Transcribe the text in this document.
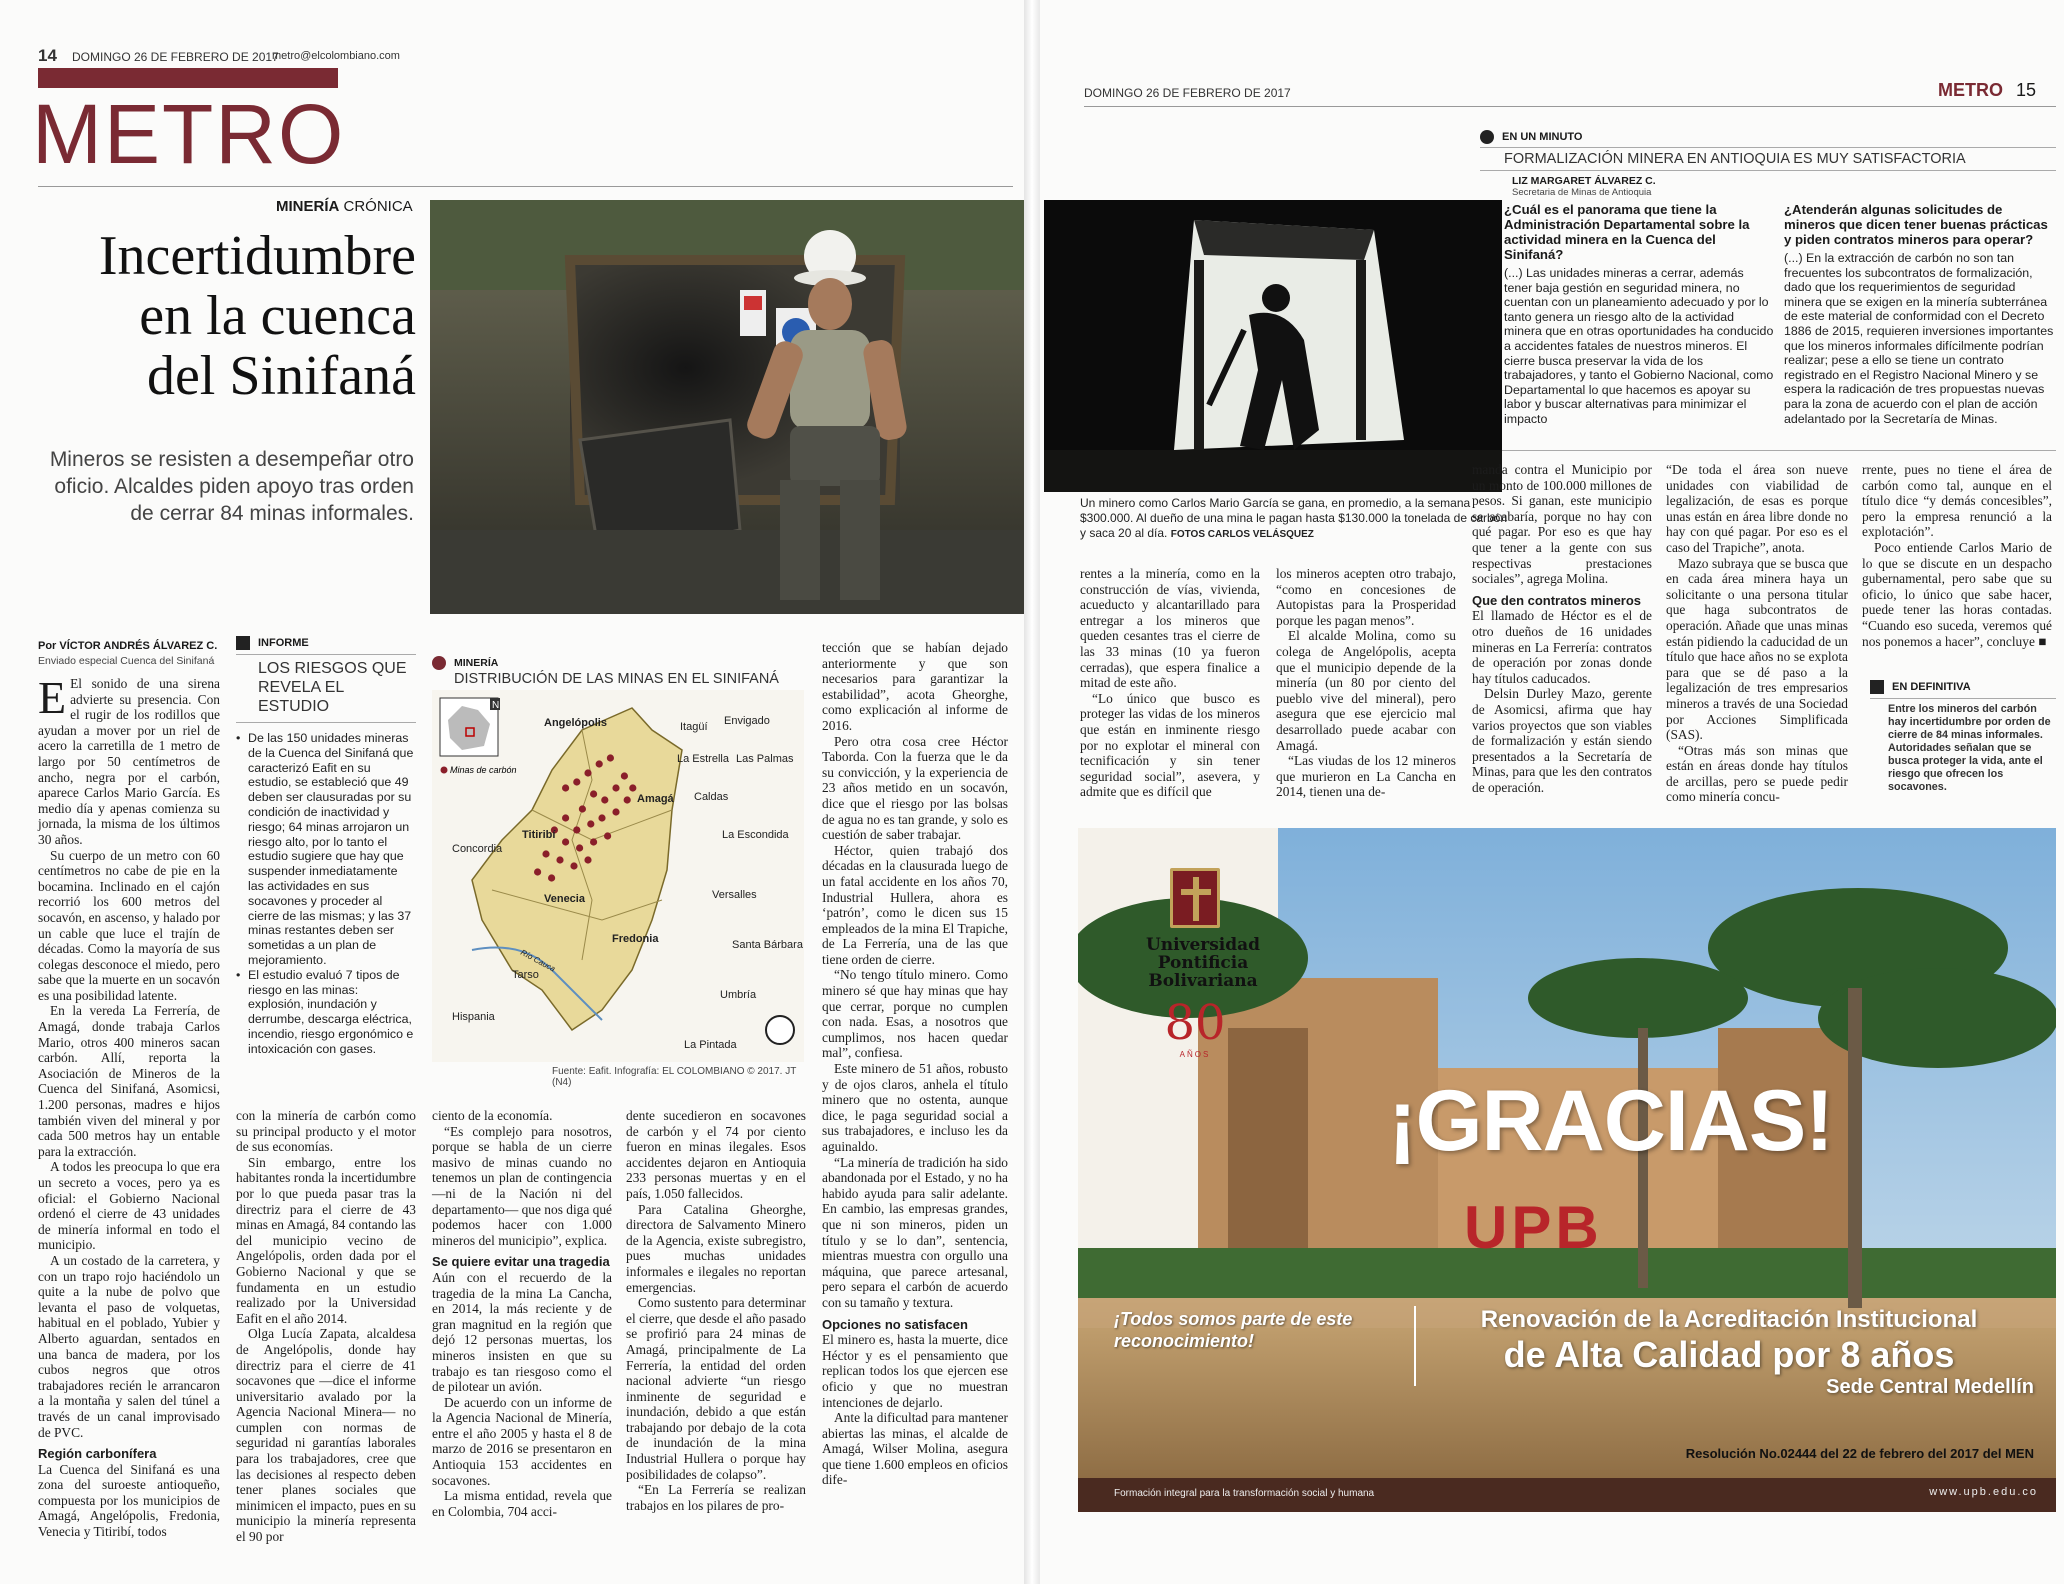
14 DOMINGO 26 DE FEBRERO DE 2017
metro@elcolombiano.com
METRO
MINERÍA CRÓNICA
Incertidumbre
en la cuenca
del Sinifaná
Mineros se resisten a desempeñar otro oficio. Alcaldes piden apoyo tras orden de cerrar 84 minas informales.
Por VÍCTOR ANDRÉS ÁLVAREZ C.
Enviado especial Cuenca del Sinifaná

E El sonido de una sirena advierte su presencia. Con el rugir de los rodillos que ayudan a mover por un riel de acero la carretilla de 1 metro de largo por 50 centímetros de ancho, negra por el carbón, aparece Carlos Mario García. Es medio día y apenas comienza su jornada, la misma de los últimos 30 años.

Su cuerpo de un metro con 60 centímetros no cabe de pie en la bocamina. Inclinado en el cajón recorrió los 600 metros del socavón, en ascenso, y halado por un cable que luce el trajín de décadas. Como la mayoría de sus colegas desconoce el miedo, pero sabe que la muerte en un socavón es una posibilidad latente.

En la vereda La Ferrería, de Amagá, donde trabaja Carlos Mario, otros 400 mineros sacan carbón. Allí, reporta la Asociación de Mineros de la Cuenca del Sinifaná, Asomicsi, 1.200 personas, madres e hijos también viven del mineral y por cada 500 metros hay un entable para la extracción.

A todos les preocupa lo que era un secreto a voces, pero ya es oficial: el Gobierno Nacional ordenó el cierre de 43 unidades de minería informal en todo el municipio.

A un costado de la carretera, y con un trapo rojo haciéndolo un quite a la nube de polvo que levanta el paso de volquetas, habitual en el poblado, Yubier y Alberto aguardan, sentados en una banca de madera, por los cubos negros que otros trabajadores recién le arrancaron a la montaña y salen del túnel a través de un canal improvisado de PVC.

Región carbonífera

La Cuenca del Sinifaná es una zona del suroeste antioqueño, compuesta por los municipios de Amagá, Angelópolis, Fredonia, Venecia y Titiribí, todos

INFORME
LOS RIESGOS QUE REVELA EL ESTUDIO
• De las 150 unidades mineras de la Cuenca del Sinifaná que caracterizó Eafit en su estudio, se estableció que 49 deben ser clausuradas por su condición de inactividad y riesgo; 64 minas arrojaron un riesgo alto, por lo tanto el estudio sugiere que hay que suspender inmediatamente las actividades en sus socavones y proceder al cierre de las mismas; y las 37 minas restantes deben ser sometidas a un plan de mejoramiento.
• El estudio evaluó 7 tipos de riesgo en las minas: explosión, inundación y derrumbe, descarga eléctrica, incendio, riesgo ergonómico e intoxicación con gases.
MINERÍA
DISTRIBUCIÓN DE LAS MINAS EN EL SINIFANÁ
N
Minas de carbón
Angelópolis	Itagüí Envigado
La Estrella Las Palmas
Caldas
Amagá
La Escondida
Titiribí
Concordia
Venecia	Versalles
Río Cauca
Fredonia
Tarso
Santa Bárbara
Hispania
Umbría
La Pintada
Fuente: Eafit. Infografía: EL COLOMBIANO © 2017. JT (N4)

tección que se habían dejado anteriormente y que son necesarios para garantizar la estabilidad”, acota Gheorghe, como explicación al informe de 2016.

Pero otra cosa cree Héctor Taborda. Con la fuerza que le da su convicción, y la experiencia de 23 años metido en un socavón, dice que el riesgo por las bolsas de agua no es tan grande, y solo es cuestión de saber trabajar.

Héctor, quien trabajó dos décadas en la clausurada luego de un fatal accidente en los años 70, Industrial Hullera, ahora es ‘patrón’, como le dicen sus 15 empleados de la mina El Trapiche, de La Ferrería, una de las que tiene orden de cierre.

“No tengo título minero. Como minero sé que hay minas que hay que cerrar, porque no cumplen con nada. Esas, a nosotros que cumplimos, nos hacen quedar mal”, confiesa.

Este minero de 51 años, robusto y de ojos claros, anhela el título minero que no ostenta, aunque dice, le paga seguridad social a sus trabajadores, e incluso les da aguinaldo.

“La minería de tradición ha sido abandonada por el Estado, y no ha habido ayuda para salir adelante. En cambio, las empresas grandes, que ni son mineros, piden un título y se lo dan”, sentencia, mientras muestra con orgullo una máquina, que parece artesanal, pero separa el carbón de acuerdo con su tamaño y textura.

Opciones no satisfacen

El minero es, hasta la muerte, dice Héctor y es el pensamiento que replican todos los que ejercen ese oficio y que no muestran intenciones de dejarlo.

Ante la dificultad para mantener abiertas las minas, el alcalde de Amagá, Wilser Molina, asegura que tiene 1.600 empleos en oficios dife-

con la minería de carbón como su principal producto y el motor de sus economías.

Sin embargo, entre los habitantes ronda la incertidumbre por lo que pueda pasar tras la directriz para el cierre de 43 minas en Amagá, 84 contando las del municipio vecino de Angelópolis, orden dada por el Gobierno Nacional y que se fundamenta en un estudio realizado por la Universidad Eafit en el año 2014.

Olga Lucía Zapata, alcaldesa de Angelópolis, donde hay directriz para el cierre de 41 socavones que —dice el informe universitario avalado por la Agencia Nacional Minera— no cumplen con normas de seguridad ni garantías laborales para los trabajadores, cree que las decisiones al respecto deben tener planes sociales que minimicen el impacto, pues en su municipio la minería representa el 90 por

ciento de la economía.

“Es complejo para nosotros, porque se habla de un cierre masivo de minas cuando no tenemos un plan de contingencia —ni de la Nación ni del departamento— que nos diga qué podemos hacer con 1.000 mineros del municipio”, explica.

Se quiere evitar una tragedia

Aún con el recuerdo de la tragedia de la mina La Cancha, en 2014, la más reciente y de gran magnitud en la región que dejó 12 personas muertas, los mineros insisten en que su trabajo es tan riesgoso como el de pilotear un avión.

De acuerdo con un informe de la Agencia Nacional de Minería, entre el año 2005 y hasta el 8 de marzo de 2016 se presentaron en Antioquia 153 accidentes en socavones.

La misma entidad, revela que en Colombia, 704 acci-

dente sucedieron en socavones de carbón y el 74 por ciento fueron en minas ilegales. Esos accidentes dejaron en Antioquia 233 personas muertas y en el país, 1.050 fallecidos.

Para Catalina Gheorghe, directora de Salvamento Minero de la Agencia, existe subregistro, pues muchas unidades informales e ilegales no reportan emergencias.

Como sustento para determinar el cierre, que desde el año pasado se profirió para 24 minas de Amagá, principalmente de La Ferrería, la entidad del orden nacional advierte “un riesgo inminente de seguridad e inundación, debido a que están trabajando por debajo de la cota de inundación de la mina Industrial Hullera o porque hay posibilidades de colapso”.

“En La Ferrería se realizan trabajos en los pilares de pro-

DOMINGO 26 DE FEBRERO DE 2017	METRO 15
Un minero como Carlos Mario García se gana, en promedio, a la semana $300.000. Al dueño de una mina le pagan hasta $130.000 la tonelada de carbón y saca 20 al día. FOTOS CARLOS VELÁSQUEZ
EN UN MINUTO
FORMALIZACIÓN MINERA EN ANTIOQUIA ES MUY SATISFACTORIA
LIZ MARGARET ÁLVAREZ C.
Secretaria de Minas de Antioquia
¿Cuál es el panorama que tiene la Administración Departamental sobre la actividad minera en la Cuenca del Sinifaná?
(...) Las unidades mineras a cerrar, además tener baja gestión en seguridad minera, no cuentan con un planeamiento adecuado y por lo tanto genera un riesgo alto de la actividad minera que en otras oportunidades ha conducido a accidentes fatales de nuestros mineros. El cierre busca preservar la vida de los trabajadores, y tanto el Gobierno Nacional, como Departamental lo que hacemos es apoyar su labor y buscar alternativas para minimizar el impacto
¿Atenderán algunas solicitudes de mineros que dicen tener buenas prácticas y piden contratos mineros para operar?
(...) En la extracción de carbón no son tan frecuentes los subcontratos de formalización, dado que los requerimientos de seguridad minera que se exigen en la minería subterránea de este material de conformidad con el Decreto 1886 de 2015, requieren inversiones importantes que los mineros informales difícilmente podrían realizar; pese a ello se tiene un contrato registrado en el Registro Nacional Minero y se espera la radicación de tres propuestas nuevas para la zona de acuerdo con el plan de acción adelantado por la Secretaría de Minas.

rentes a la minería, como en la construcción de vías, vivienda, acueducto y alcantarillado para entregar a los mineros que queden cesantes tras el cierre de las 33 minas (10 ya fueron cerradas), que espera finalice a mitad de este año.

“Lo único que busco es proteger las vidas de los mineros que están en inminente riesgo por no explotar el mineral con tecnificación y sin tener seguridad social”, asevera, y admite que es difícil que

los mineros acepten otro trabajo, “como en concesiones de Autopistas para la Prosperidad porque les pagan menos”.

El alcalde Molina, como su colega de Angelópolis, acepta que el municipio depende de la minería (un 80 por ciento del pueblo vive del mineral), pero asegura que ese ejercicio mal desarrollado puede acabar con Amagá.

“Las viudas de los 12 mineros que murieron en La Cancha en 2014, tienen una de-

manda contra el Municipio por un monto de 100.000 millones de pesos. Si ganan, este municipio se acabaría, porque no hay con qué pagar. Por eso es que hay que tener a la gente con sus respectivas prestaciones sociales”, agrega Molina.

Que den contratos mineros

El llamado de Héctor es el de otro dueños de 16 unidades mineras en La Ferrería: contratos de operación por zonas donde hay títulos caducados.

Delsin Durley Mazo, gerente de Asomicsi, afirma que hay varios proyectos que son viables de formalización y están siendo presentados a la Secretaría de Minas, para que les den contratos de operación.

“De toda el área son nueve unidades con viabilidad de legalización, de esas es porque unas están en área libre donde no hay con qué pagar. Por eso es el caso del Trapiche”, anota.

Mazo subraya que se busca que en cada área minera haya un solicitante o una persona titular que haga subcontratos de operación. Añade que unas minas están pidiendo la caducidad de un título que hace años no se explota para que se dé paso a la legalización de tres empresarios mineros a través de una Sociedad por Acciones Simplificada (SAS).

“Otras más son minas que están en áreas donde hay títulos de arcillas, pero se puede pedir como minería concu-

rrente, pues no tiene el área de carbón como tal, aunque en el título dice “y demás concesibles”, pero la empresa renunció a la explotación”.

Poco entiende Carlos Mario de lo que se discute en un despacho gubernamental, pero sabe que su oficio, lo único que sabe hacer, puede tener las horas contadas. “Cuando eso suceda, veremos qué nos ponemos a hacer”, concluye ■

EN DEFINITIVA
Entre los mineros del carbón hay incertidumbre por orden de cierre de 84 minas informales. Autoridades señalan que se busca proteger la vida, ante el riesgo que ofrecen los socavones.
Universidad
Pontificia
Bolivariana
80
AÑOS
¡GRACIAS!
UPB
¡Todos somos parte de este reconocimiento!
Renovación de la Acreditación Institucional
de Alta Calidad por 8 años
Sede Central Medellín
Resolución No.02444 del 22 de febrero del 2017 del MEN
Formación integral para la transformación social y humana	www.upb.edu.co
